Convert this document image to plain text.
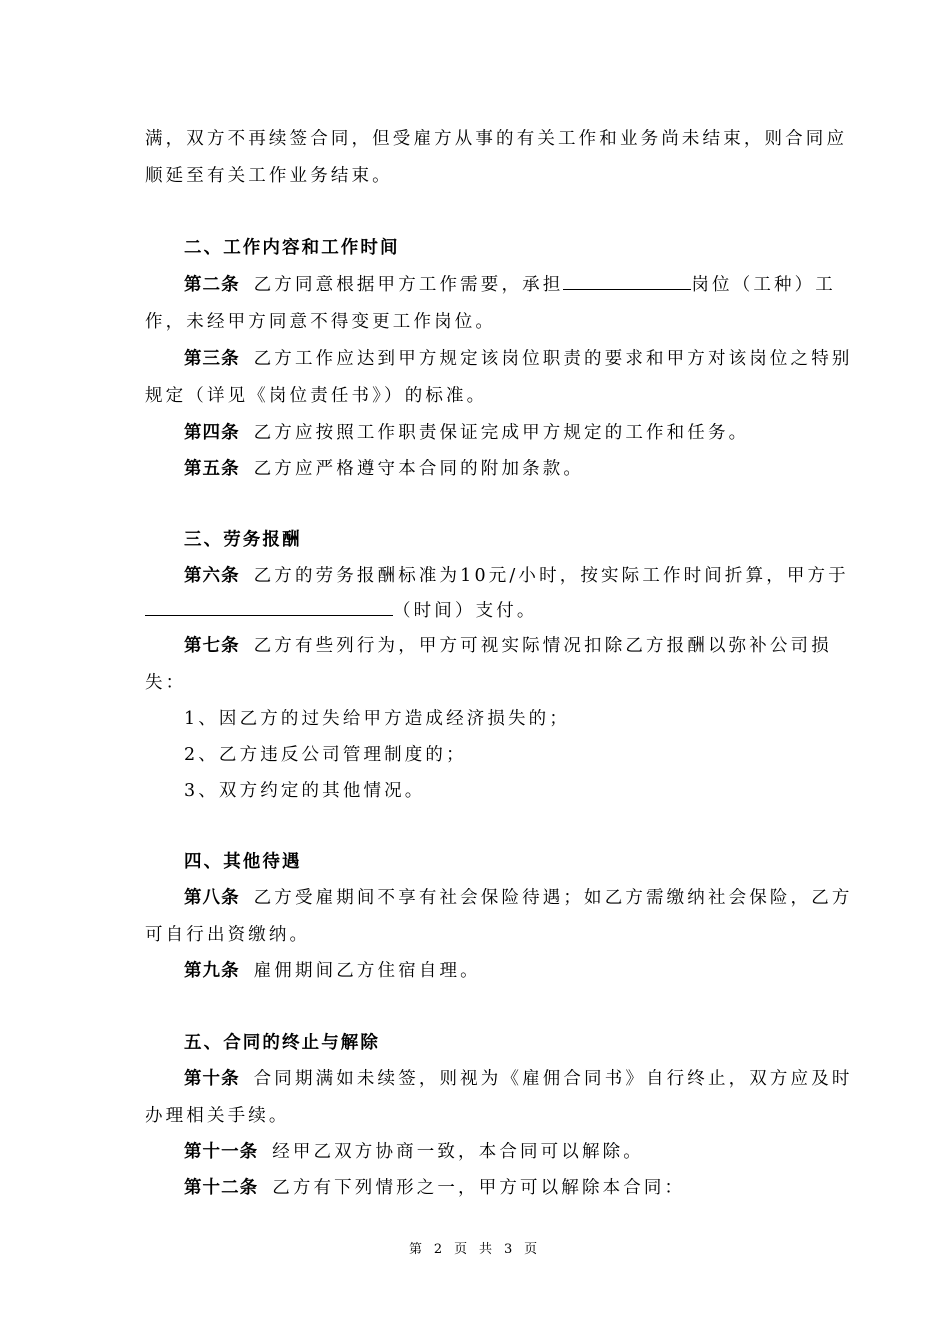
满，双方不再续签合同，但受雇方从事的有关工作和业务尚未结束，则合同应
顺延至有关工作业务结束。
二、工作内容和工作时间
第二条 乙方同意根据甲方工作需要，承担	岗位（工种）工
作，未经甲方同意不得变更工作岗位。
第三条 乙方工作应达到甲方规定该岗位职责的要求和甲方对该岗位之特别
规定（详见《岗位责任书》）的标准。
第四条 乙方应按照工作职责保证完成甲方规定的工作和任务。
第五条 乙方应严格遵守本合同的附加条款。
三、劳务报酬
第六条 乙方的劳务报酬标准为10元/小时，按实际工作时间折算，甲方于
（时间）支付。
第七条 乙方有些列行为，甲方可视实际情况扣除乙方报酬以弥补公司损
失：
1、因乙方的过失给甲方造成经济损失的；
2、乙方违反公司管理制度的；
3、双方约定的其他情况。
四、其他待遇
第八条 乙方受雇期间不享有社会保险待遇；如乙方需缴纳社会保险，乙方
可自行出资缴纳。
第九条 雇佣期间乙方住宿自理。
五、合同的终止与解除
第十条 合同期满如未续签，则视为《雇佣合同书》自行终止，双方应及时
办理相关手续。
第十一条 经甲乙双方协商一致，本合同可以解除。
第十二条 乙方有下列情形之一，甲方可以解除本合同：
第 2 页 共 3 页
